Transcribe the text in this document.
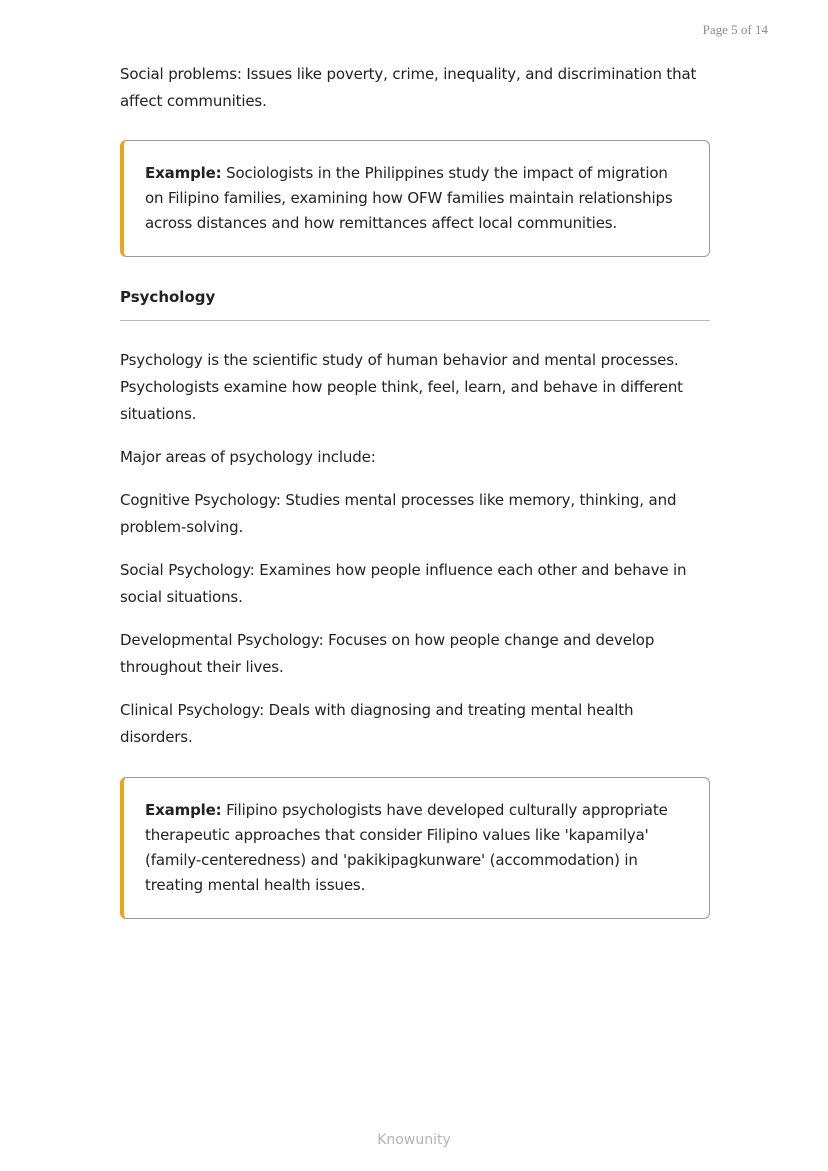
Page 5 of 14

Social problems: Issues like poverty, crime, inequality, and discrimination that affect communities.

Example: Sociologists in the Philippines study the impact of migration on Filipino families, examining how OFW families maintain relationships across distances and how remittances affect local communities.

Psychology

Psychology is the scientific study of human behavior and mental processes. Psychologists examine how people think, feel, learn, and behave in different situations.

Major areas of psychology include:

Cognitive Psychology: Studies mental processes like memory, thinking, and problem-solving.

Social Psychology: Examines how people influence each other and behave in social situations.

Developmental Psychology: Focuses on how people change and develop throughout their lives.

Clinical Psychology: Deals with diagnosing and treating mental health disorders.

Example: Filipino psychologists have developed culturally appropriate therapeutic approaches that consider Filipino values like 'kapamilya' (family-centeredness) and 'pakikipagkunware' (accommodation) in treating mental health issues.

Knowunity
